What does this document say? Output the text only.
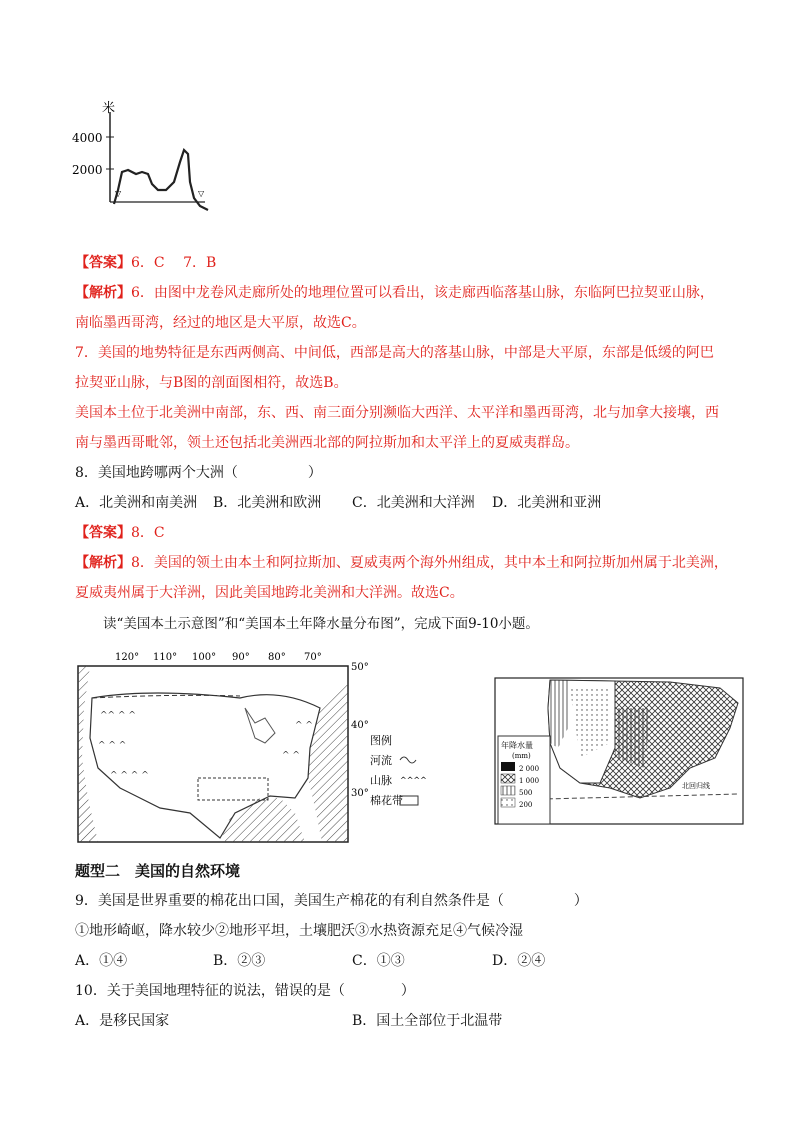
米
4000
2000
▽	▽
【答案】6．C　 7．B
【解析】6．由图中龙卷风走廊所处的地理位置可以看出，该走廊西临落基山脉，东临阿巴拉契亚山脉，
南临墨西哥湾，经过的地区是大平原，故选C。
7．美国的地势特征是东西两侧高、中间低，西部是高大的落基山脉，中部是大平原，东部是低缓的阿巴
拉契亚山脉，与B图的剖面图相符，故选B。
美国本土位于北美洲中南部，东、西、南三面分别濒临大西洋、太平洋和墨西哥湾，北与加拿大接壤，西
南与墨西哥毗邻，领土还包括北美洲西北部的阿拉斯加和太平洋上的夏威夷群岛。
8．美国地跨哪两个大洲（　　　　　）
A．北美洲和南美洲 B．北美洲和欧洲 C．北美洲和大洋洲 D．北美洲和亚洲
【答案】8．C
【解析】8．美国的领土由本土和阿拉斯加、夏威夷两个海外州组成，其中本土和阿拉斯加州属于北美洲，
夏威夷州属于大洋洲，因此美国地跨北美洲和大洋洲。故选C。
读“美国本土示意图”和“美国本土年降水量分布图”，完成下面9-10小题。
120° 110° 100° 90° 80° 70°
50°
40°
30°
^^ ^ ^
^ ^ ^
^ ^ ^ ^
^ ^
^ ^
图例
河流
山脉
棉花带
^^^^
北回归线
年降水量
(mm)
2 000
1 000
500
200
题型二　美国的自然环境
9．美国是世界重要的棉花出口国，美国生产棉花的有利自然条件是（　　　　　）
①地形崎岖，降水较少②地形平坦，土壤肥沃③水热资源充足④气候冷湿
A．①④	B．②③	C．①③	D．②④
10．关于美国地理特征的说法，错误的是（　　　　）
A．是移民国家	B．国土全部位于北温带
